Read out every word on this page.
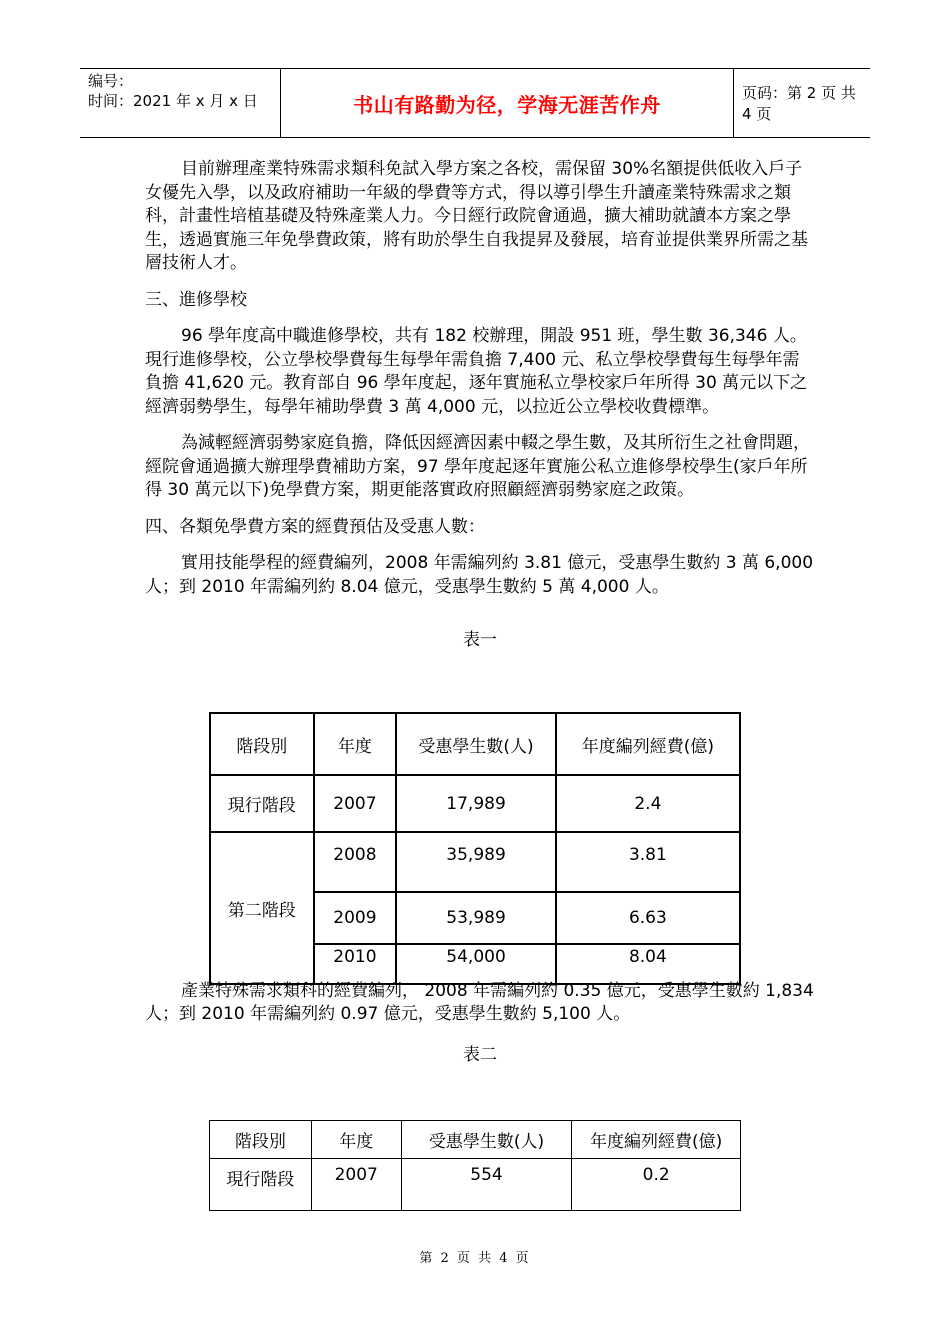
编号：
时间：2021 年 x 月 x 日	书山有路勤为径，学海无涯苦作舟	页码：第 2 页 共 4 页

目前辦理產業特殊需求類科免試入學方案之各校，需保留 30%名額提供低收入戶子女優先入學，以及政府補助一年級的學費等方式，得以導引學生升讀產業特殊需求之類科，計畫性培植基礎及特殊產業人力。今日經行政院會通過，擴大補助就讀本方案之學生，透過實施三年免學費政策，將有助於學生自我提昇及發展，培育並提供業界所需之基層技術人才。

三、進修學校

96 學年度高中職進修學校，共有 182 校辦理，開設 951 班，學生數 36,346 人。現行進修學校，公立學校學費每生每學年需負擔 7,400 元、私立學校學費每生每學年需負擔 41,620 元。教育部自 96 學年度起，逐年實施私立學校家戶年所得 30 萬元以下之經濟弱勢學生，每學年補助學費 3 萬 4,000 元，以拉近公立學校收費標準。

為減輕經濟弱勢家庭負擔，降低因經濟因素中輟之學生數，及其所衍生之社會問題，經院會通過擴大辦理學費補助方案，97 學年度起逐年實施公私立進修學校學生(家戶年所得 30 萬元以下)免學費方案，期更能落實政府照顧經濟弱勢家庭之政策。

四、各類免學費方案的經費預估及受惠人數：

實用技能學程的經費編列，2008 年需編列約 3.81 億元，受惠學生數約 3 萬 6,000 人；到 2010 年需編列約 8.04 億元，受惠學生數約 5 萬 4,000 人。

表一

產業特殊需求類科的經費編列， 2008 年需編列約 0.35 億元，受惠學生數約 1,834 人；到 2010 年需編列約 0.97 億元，受惠學生數約 5,100 人。

表二

階段別	年度	受惠學生數(人)	年度編列經費(億)
現行階段	2007	17,989	2.4
第二階段	2008	35,989	3.81
	2009	53,989	6.63
	2010	54,000	8.04
階段別	年度	受惠學生數(人)	年度編列經費(億)
現行階段	2007	554	0.2
第 2 页 共 4 页
